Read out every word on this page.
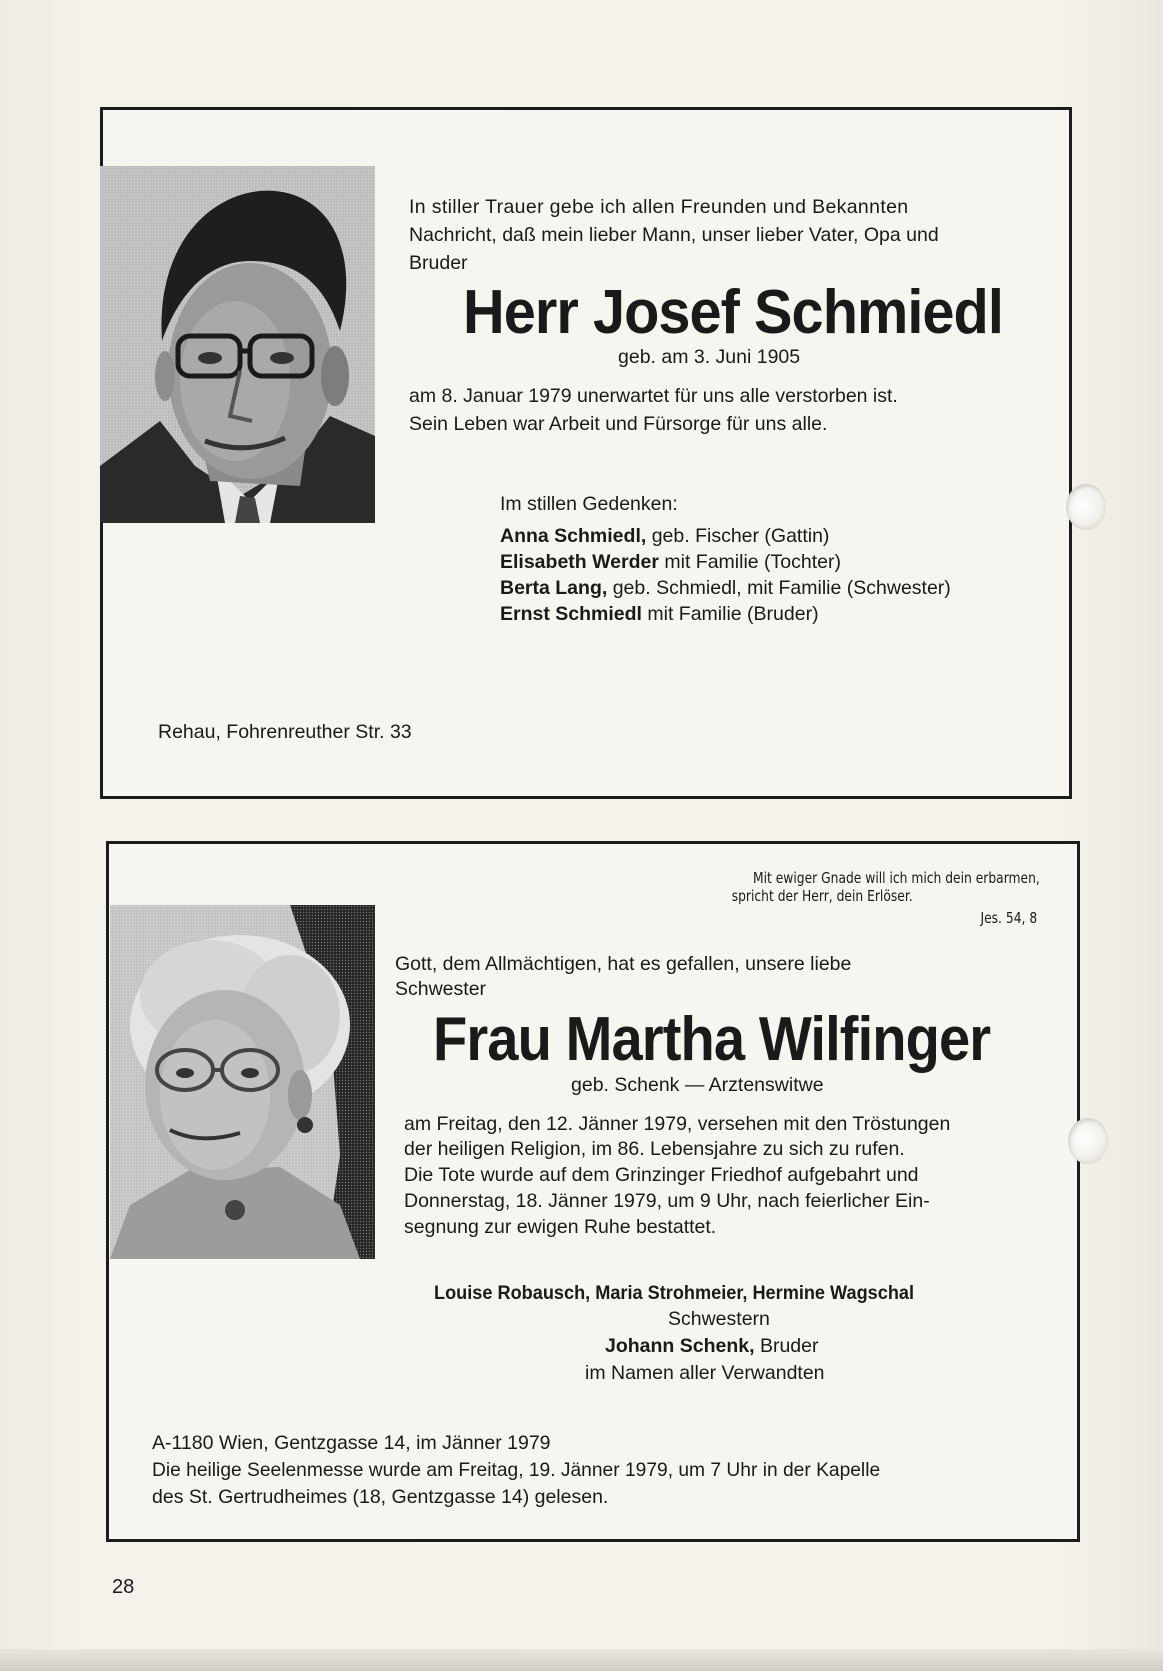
In stiller Trauer gebe ich allen Freunden und Bekannten
Nachricht, daß mein lieber Mann, unser lieber Vater, Opa und
Bruder
Herr Josef Schmiedl
geb. am 3. Juni 1905
am 8. Januar 1979 unerwartet für uns alle verstorben ist.
Sein Leben war Arbeit und Fürsorge für uns alle.
Im stillen Gedenken:
Anna Schmiedl, geb. Fischer (Gattin)
Elisabeth Werder mit Familie (Tochter)
Berta Lang, geb. Schmiedl, mit Familie (Schwester)
Ernst Schmiedl mit Familie (Bruder)
Rehau, Fohrenreuther Str. 33
Mit ewiger Gnade will ich mich dein erbarmen,
spricht der Herr, dein Erlöser.
Jes. 54, 8
Gott, dem Allmächtigen, hat es gefallen, unsere liebe
Schwester
Frau Martha Wilfinger
geb. Schenk — Arztenswitwe
am Freitag, den 12. Jänner 1979, versehen mit den Tröstungen
der heiligen Religion, im 86. Lebensjahre zu sich zu rufen.
Die Tote wurde auf dem Grinzinger Friedhof aufgebahrt und
Donnerstag, 18. Jänner 1979, um 9 Uhr, nach feierlicher Ein-
segnung zur ewigen Ruhe bestattet.
Louise Robausch, Maria Strohmeier, Hermine Wagschal
Schwestern
Johann Schenk, Bruder
im Namen aller Verwandten
A-1180 Wien, Gentzgasse 14, im Jänner 1979
Die heilige Seelenmesse wurde am Freitag, 19. Jänner 1979, um 7 Uhr in der Kapelle
des St. Gertrudheimes (18, Gentzgasse 14) gelesen.
28
